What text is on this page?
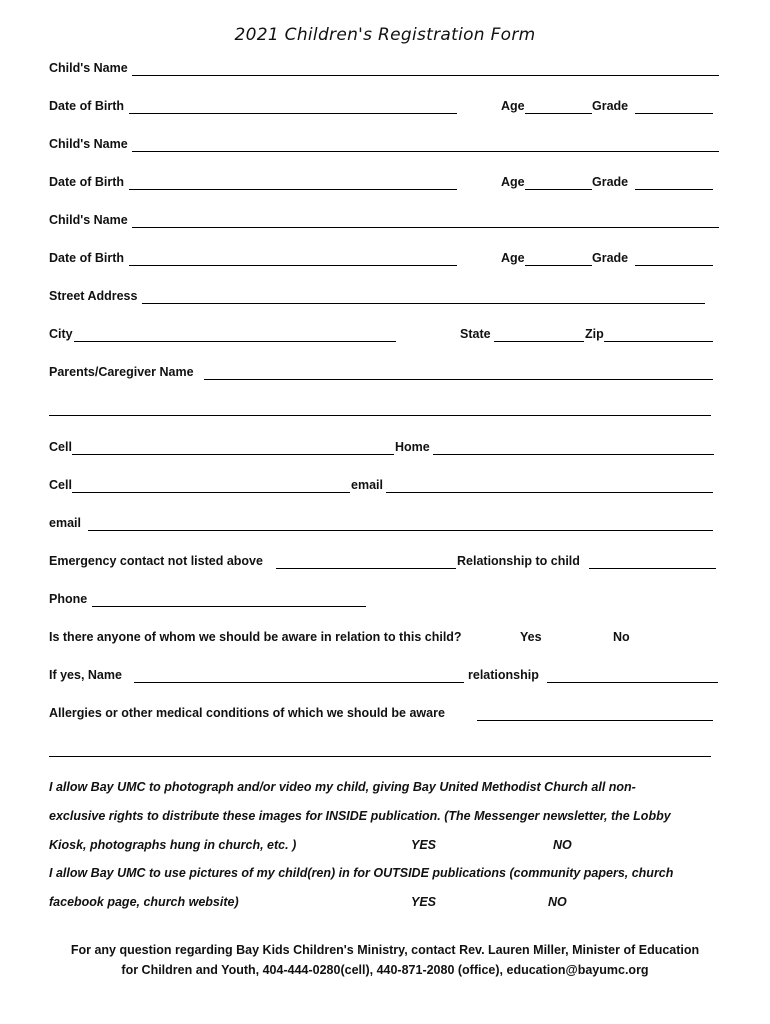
2021 Children's Registration Form
Child's Name
Date of Birth	Age	Grade
Child's Name
Date of Birth	Age	Grade
Child's Name
Date of Birth	Age	Grade
Street Address
City	State	Zip
Parents/Caregiver Name
Cell	Home
Cell	email
email
Emergency contact not listed above	Relationship to child
Phone
Is there anyone of whom we should be aware in relation to this child?	Yes	No
If yes, Name	relationship
Allergies or other medical conditions of which we should be aware
I allow Bay UMC to photograph and/or video my child, giving Bay United Methodist Church all non-
exclusive rights to distribute these images for INSIDE publication. (The Messenger newsletter, the Lobby
Kiosk, photographs hung in church, etc. )	YES	NO
I allow Bay UMC to use pictures of my child(ren) in for OUTSIDE publications (community papers, church
facebook page, church website)	YES	NO
For any question regarding Bay Kids Children's Ministry, contact Rev. Lauren Miller, Minister of Education
for Children and Youth, 404-444-0280(cell), 440-871-2080 (office), education@bayumc.org
